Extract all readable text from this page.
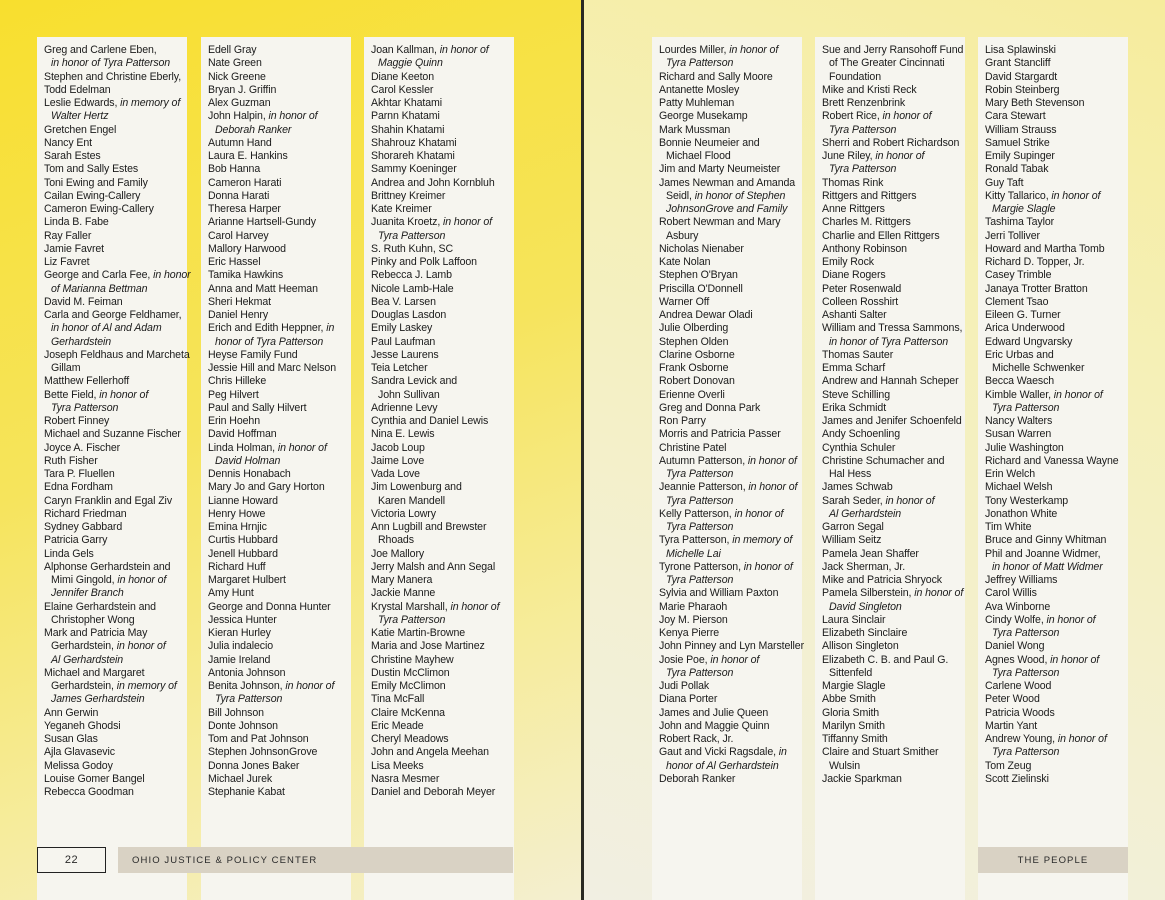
Greg and Carlene Eben,
in honor of Tyra Patterson
Stephen and Christine Eberly,
Todd Edelman
Leslie Edwards, in memory of
Walter Hertz
Gretchen Engel
Nancy Ent
Sarah Estes
Tom and Sally Estes
Toni Ewing and Family
Cailan Ewing-Callery
Cameron Ewing-Callery
Linda B. Fabe
Ray Faller
Jamie Favret
Liz Favret
George and Carla Fee, in honor
of Marianna Bettman
David M. Feiman
Carla and George Feldhamer,
in honor of Al and Adam
Gerhardstein
Joseph Feldhaus and Marcheta
Gillam
Matthew Fellerhoff
Bette Field, in honor of
Tyra Patterson
Robert Finney
Michael and Suzanne Fischer
Joyce A. Fischer
Ruth Fisher
Tara P. Fluellen
Edna Fordham
Caryn Franklin and Egal Ziv
Richard Friedman
Sydney Gabbard
Patricia Garry
Linda Gels
Alphonse Gerhardstein and
Mimi Gingold, in honor of
Jennifer Branch
Elaine Gerhardstein and
Christopher Wong
Mark and Patricia May
Gerhardstein, in honor of
Al Gerhardstein
Michael and Margaret
Gerhardstein, in memory of
James Gerhardstein
Ann Gerwin
Yeganeh Ghodsi
Susan Glas
Ajla Glavasevic
Melissa Godoy
Louise Gomer Bangel
Rebecca Goodman
Edell Gray
Nate Green
Nick Greene
Bryan J. Griffin
Alex Guzman
John Halpin, in honor of
Deborah Ranker
Autumn Hand
Laura E. Hankins
Bob Hanna
Cameron Harati
Donna Harati
Theresa Harper
Arianne Hartsell-Gundy
Carol Harvey
Mallory Harwood
Eric Hassel
Tamika Hawkins
Anna and Matt Heeman
Sheri Hekmat
Daniel Henry
Erich and Edith Heppner, in
honor of Tyra Patterson
Heyse Family Fund
Jessie Hill and Marc Nelson
Chris Hilleke
Peg Hilvert
Paul and Sally Hilvert
Erin Hoehn
David Hoffman
Linda Holman, in honor of
David Holman
Dennis Honabach
Mary Jo and Gary Horton
Lianne Howard
Henry Howe
Emina Hrnjic
Curtis Hubbard
Jenell Hubbard
Richard Huff
Margaret Hulbert
Amy Hunt
George and Donna Hunter
Jessica Hunter
Kieran Hurley
Julia indalecio
Jamie Ireland
Antonia Johnson
Benita Johnson, in honor of
Tyra Patterson
Bill Johnson
Donte Johnson
Tom and Pat Johnson
Stephen JohnsonGrove
Donna Jones Baker
Michael Jurek
Stephanie Kabat
Joan Kallman, in honor of
Maggie Quinn
Diane Keeton
Carol Kessler
Akhtar Khatami
Parnn Khatami
Shahin Khatami
Shahrouz Khatami
Shorareh Khatami
Sammy Koeninger
Andrea and John Kornbluh
Brittney Kreimer
Kate Kreimer
Juanita Kroetz, in honor of
Tyra Patterson
S. Ruth Kuhn, SC
Pinky and Polk Laffoon
Rebecca J. Lamb
Nicole Lamb-Hale
Bea V. Larsen
Douglas Lasdon
Emily Laskey
Paul Laufman
Jesse Laurens
Teia Letcher
Sandra Levick and
John Sullivan
Adrienne Levy
Cynthia and Daniel Lewis
Nina E. Lewis
Jacob Loup
Jaime Love
Vada Love
Jim Lowenburg and
Karen Mandell
Victoria Lowry
Ann Lugbill and Brewster
Rhoads
Joe Mallory
Jerry Malsh and Ann Segal
Mary Manera
Jackie Manne
Krystal Marshall, in honor of
Tyra Patterson
Katie Martin-Browne
Maria and Jose Martinez
Christine Mayhew
Dustin McClimon
Emily McClimon
Tina McFall
Claire McKenna
Eric Meade
Cheryl Meadows
John and Angela Meehan
Lisa Meeks
Nasra Mesmer
Daniel and Deborah Meyer
22	OHIO JUSTICE & POLICY CENTER
Lourdes Miller, in honor of
Tyra Patterson
Richard and Sally Moore
Antanette Mosley
Patty Muhleman
George Musekamp
Mark Mussman
Bonnie Neumeier and
Michael Flood
Jim and Marty Neumeister
James Newman and Amanda
Seidl, in honor of Stephen
JohnsonGrove and Family
Robert Newman and Mary
Asbury
Nicholas Nienaber
Kate Nolan
Stephen O'Bryan
Priscilla O'Donnell
Warner Off
Andrea Dewar Oladi
Julie Olberding
Stephen Olden
Clarine Osborne
Frank Osborne
Robert Donovan
Erienne Overli
Greg and Donna Park
Ron Parry
Morris and Patricia Passer
Christine Patel
Autumn Patterson, in honor of
Tyra Patterson
Jeannie Patterson, in honor of
Tyra Patterson
Kelly Patterson, in honor of
Tyra Patterson
Tyra Patterson, in memory of
Michelle Lai
Tyrone Patterson, in honor of
Tyra Patterson
Sylvia and William Paxton
Marie Pharaoh
Joy M. Pierson
Kenya Pierre
John Pinney and Lyn Marsteller
Josie Poe, in honor of
Tyra Patterson
Judi Pollak
Diana Porter
James and Julie Queen
John and Maggie Quinn
Robert Rack, Jr.
Gaut and Vicki Ragsdale, in
honor of Al Gerhardstein
Deborah Ranker
Sue and Jerry Ransohoff Fund
of The Greater Cincinnati
Foundation
Mike and Kristi Reck
Brett Renzenbrink
Robert Rice, in honor of
Tyra Patterson
Sherri and Robert Richardson
June Riley, in honor of
Tyra Patterson
Thomas Rink
Rittgers and Rittgers
Anne Rittgers
Charles M. Rittgers
Charlie and Ellen Rittgers
Anthony Robinson
Emily Rock
Diane Rogers
Peter Rosenwald
Colleen Rosshirt
Ashanti Salter
William and Tressa Sammons,
in honor of Tyra Patterson
Thomas Sauter
Emma Scharf
Andrew and Hannah Scheper
Steve Schilling
Erika Schmidt
James and Jenifer Schoenfeld
Andy Schoenling
Cynthia Schuler
Christine Schumacher and
Hal Hess
James Schwab
Sarah Seder, in honor of
Al Gerhardstein
Garron Segal
William Seitz
Pamela Jean Shaffer
Jack Sherman, Jr.
Mike and Patricia Shryock
Pamela Silberstein, in honor of
David Singleton
Laura Sinclair
Elizabeth Sinclaire
Allison Singleton
Elizabeth C. B. and Paul G.
Sittenfeld
Margie Slagle
Abbe Smith
Gloria Smith
Marilyn Smith
Tiffanny Smith
Claire and Stuart Smither
Wulsin
Jackie Sparkman
Lisa Splawinski
Grant Stancliff
David Stargardt
Robin Steinberg
Mary Beth Stevenson
Cara Stewart
William Strauss
Samuel Strike
Emily Supinger
Ronald Tabak
Guy Taft
Kitty Tallarico, in honor of
Margie Slagle
Tashima Taylor
Jerri Tolliver
Howard and Martha Tomb
Richard D. Topper, Jr.
Casey Trimble
Janaya Trotter Bratton
Clement Tsao
Eileen G. Turner
Arica Underwood
Edward Ungvarsky
Eric Urbas and
Michelle Schwenker
Becca Waesch
Kimble Waller, in honor of
Tyra Patterson
Nancy Walters
Susan Warren
Julie Washington
Richard and Vanessa Wayne
Erin Welch
Michael Welsh
Tony Westerkamp
Jonathon White
Tim White
Bruce and Ginny Whitman
Phil and Joanne Widmer,
in honor of Matt Widmer
Jeffrey Williams
Carol Willis
Ava Winborne
Cindy Wolfe, in honor of
Tyra Patterson
Daniel Wong
Agnes Wood, in honor of
Tyra Patterson
Carlene Wood
Peter Wood
Patricia Woods
Martin Yant
Andrew Young, in honor of
Tyra Patterson
Tom Zeug
Scott Zielinski
THE PEOPLE
